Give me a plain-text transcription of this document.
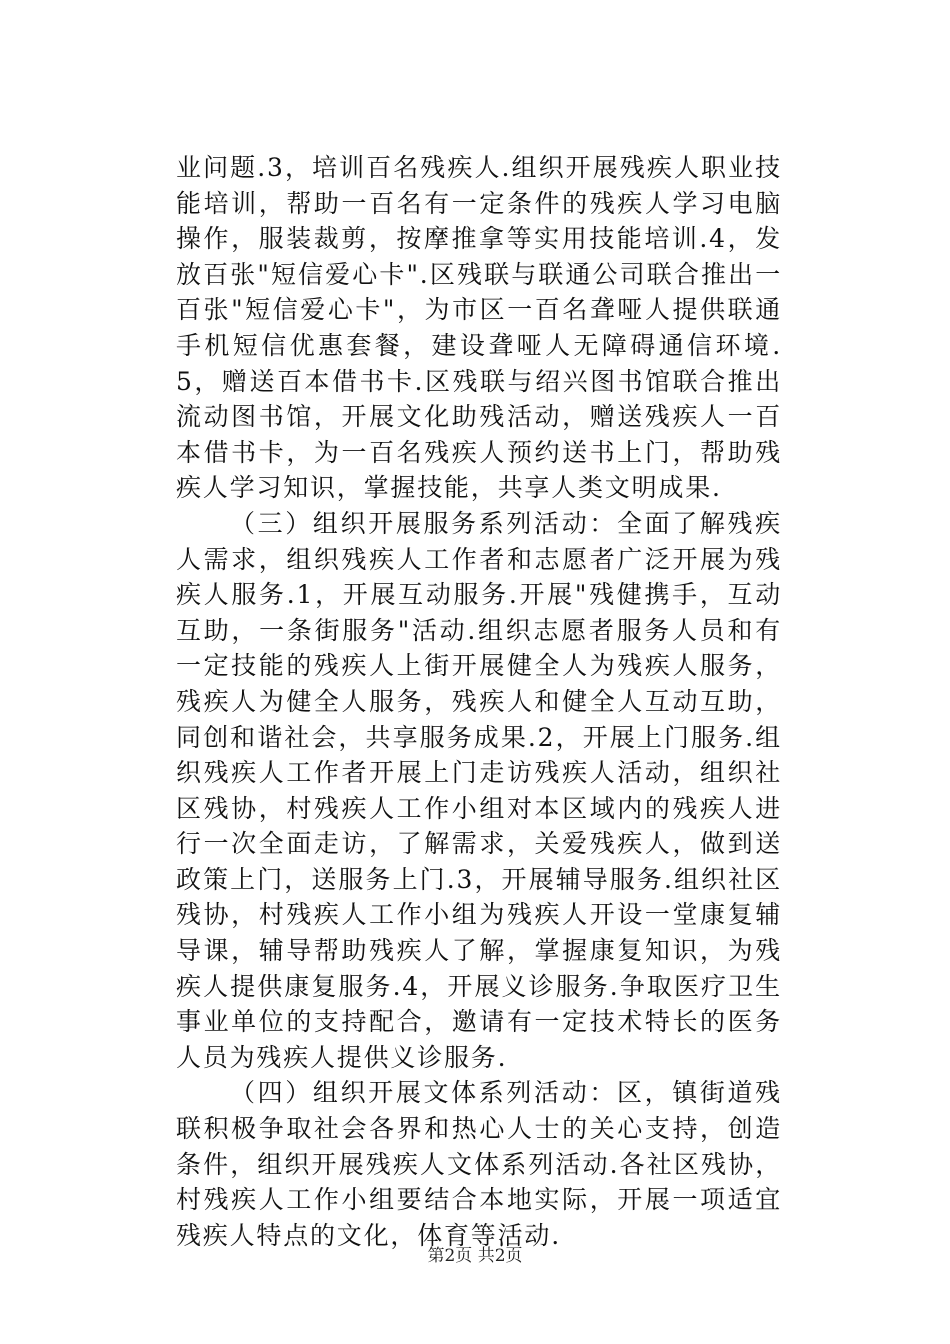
业问题.3，培训百名残疾人.组织开展残疾人职业技能培训，帮助一百名有一定条件的残疾人学习电脑操作，服装裁剪，按摩推拿等实用技能培训.4，发放百张"短信爱心卡".区残联与联通公司联合推出一百张"短信爱心卡"，为市区一百名聋哑人提供联通手机短信优惠套餐，建设聋哑人无障碍通信环境.5，赠送百本借书卡.区残联与绍兴图书馆联合推出流动图书馆，开展文化助残活动，赠送残疾人一百本借书卡，为一百名残疾人预约送书上门，帮助残疾人学习知识，掌握技能，共享人类文明成果.

（三）组织开展服务系列活动：全面了解残疾人需求，组织残疾人工作者和志愿者广泛开展为残疾人服务.1，开展互动服务.开展"残健携手，互动互助，一条街服务"活动.组织志愿者服务人员和有一定技能的残疾人上街开展健全人为残疾人服务，残疾人为健全人服务，残疾人和健全人互动互助，同创和谐社会，共享服务成果.2，开展上门服务.组织残疾人工作者开展上门走访残疾人活动，组织社区残协，村残疾人工作小组对本区域内的残疾人进行一次全面走访，了解需求，关爱残疾人，做到送政策上门，送服务上门.3，开展辅导服务.组织社区残协，村残疾人工作小组为残疾人开设一堂康复辅导课，辅导帮助残疾人了解，掌握康复知识，为残疾人提供康复服务.4，开展义诊服务.争取医疗卫生事业单位的支持配合，邀请有一定技术特长的医务人员为残疾人提供义诊服务.

（四）组织开展文体系列活动：区，镇街道残联积极争取社会各界和热心人士的关心支持，创造条件，组织开展残疾人文体系列活动.各社区残协，村残疾人工作小组要结合本地实际，开展一项适宜残疾人特点的文化，体育等活动.

第2页 共2页
